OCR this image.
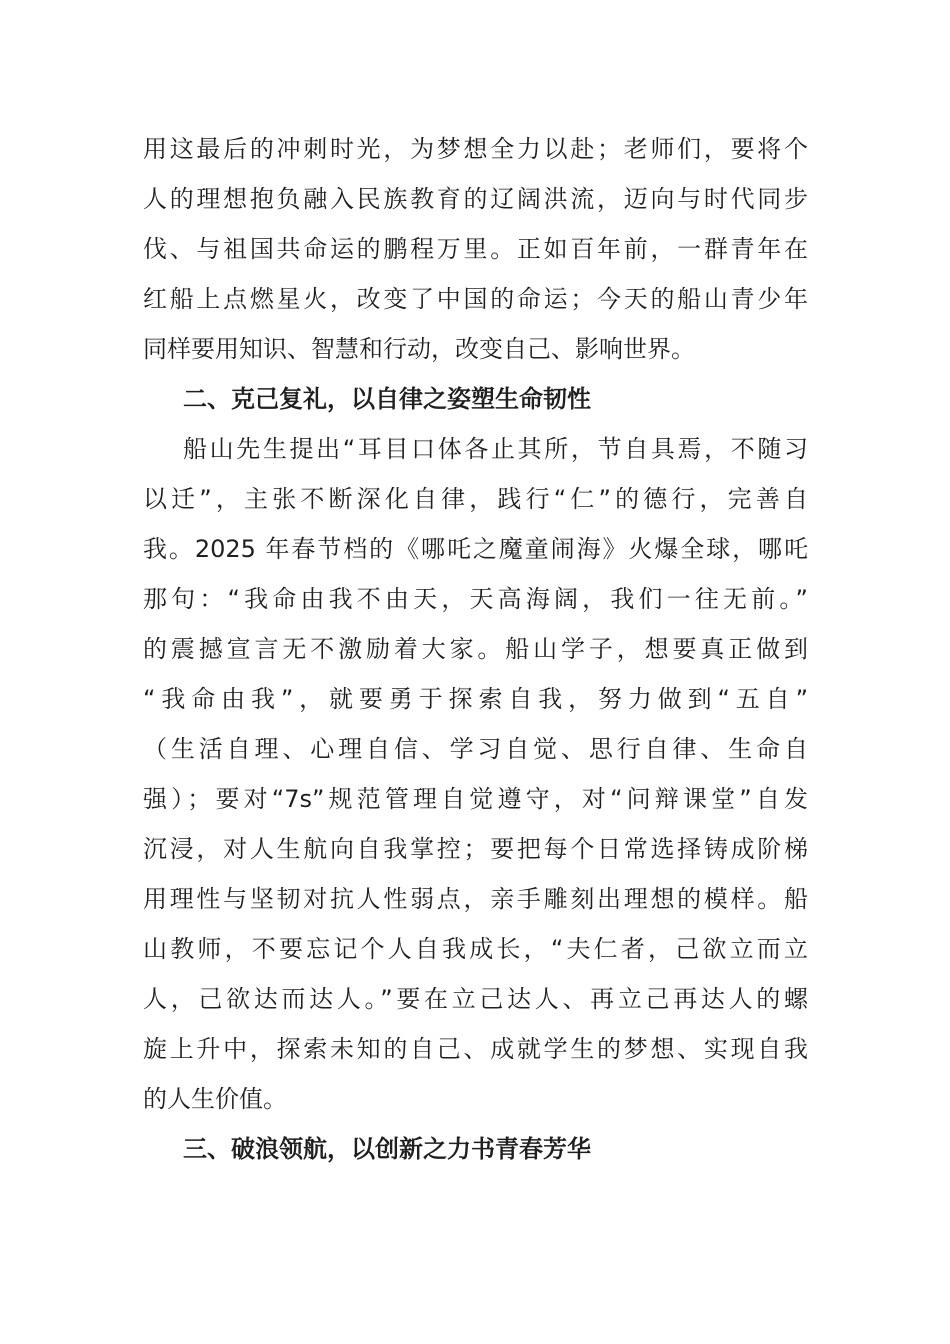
用这最后的冲刺时光，为梦想全力以赴；老师们，要将个
人的理想抱负融入民族教育的辽阔洪流，迈向与时代同步
伐、与祖国共命运的鹏程万里。正如百年前，一群青年在
红船上点燃星火，改变了中国的命运；今天的船山青少年
同样要用知识、智慧和行动，改变自己、影响世界。
二、克己复礼，以自律之姿塑生命韧性
船山先生提出“耳目口体各止其所，节自具焉，不随习
以迁”，主张不断深化自律，践行“仁”的德行，完善自
我。2025 年春节档的《哪吒之魔童闹海》火爆全球，哪吒
那句：“我命由我不由天，天高海阔，我们一往无前。”
的震撼宣言无不激励着大家。船山学子，想要真正做到
“我命由我”，就要勇于探索自我，努力做到“五自”
（生活自理、心理自信、学习自觉、思行自律、生命自
强）；要对“7s”规范管理自觉遵守，对“问辩课堂”自发
沉浸，对人生航向自我掌控；要把每个日常选择铸成阶梯
用理性与坚韧对抗人性弱点，亲手雕刻出理想的模样。船
山教师，不要忘记个人自我成长，“夫仁者，己欲立而立
人，己欲达而达人。”要在立己达人、再立己再达人的螺
旋上升中，探索未知的自己、成就学生的梦想、实现自我
的人生价值。
三、破浪领航，以创新之力书青春芳华
